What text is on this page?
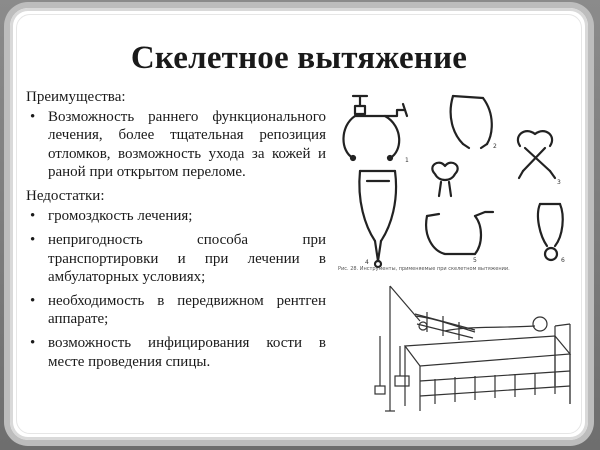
Скелетное вытяжение
Преимущества:
• Возможность раннего функционального лечения, более тщательная репозиция отломков, возможность ухода за кожей и раной при открытом переломе.
Недостатки:
• громоздкость лечения;
• непригодность способа при транспортировки и при лечении в амбулаторных условиях;
• необходимость в передвижном рентген аппарате;
• возможность инфицирования кости в месте проведения спицы.
1
2
3
4	5	6
Рис. 28. Инструменты, применяемые при скелетном вытяжении.
